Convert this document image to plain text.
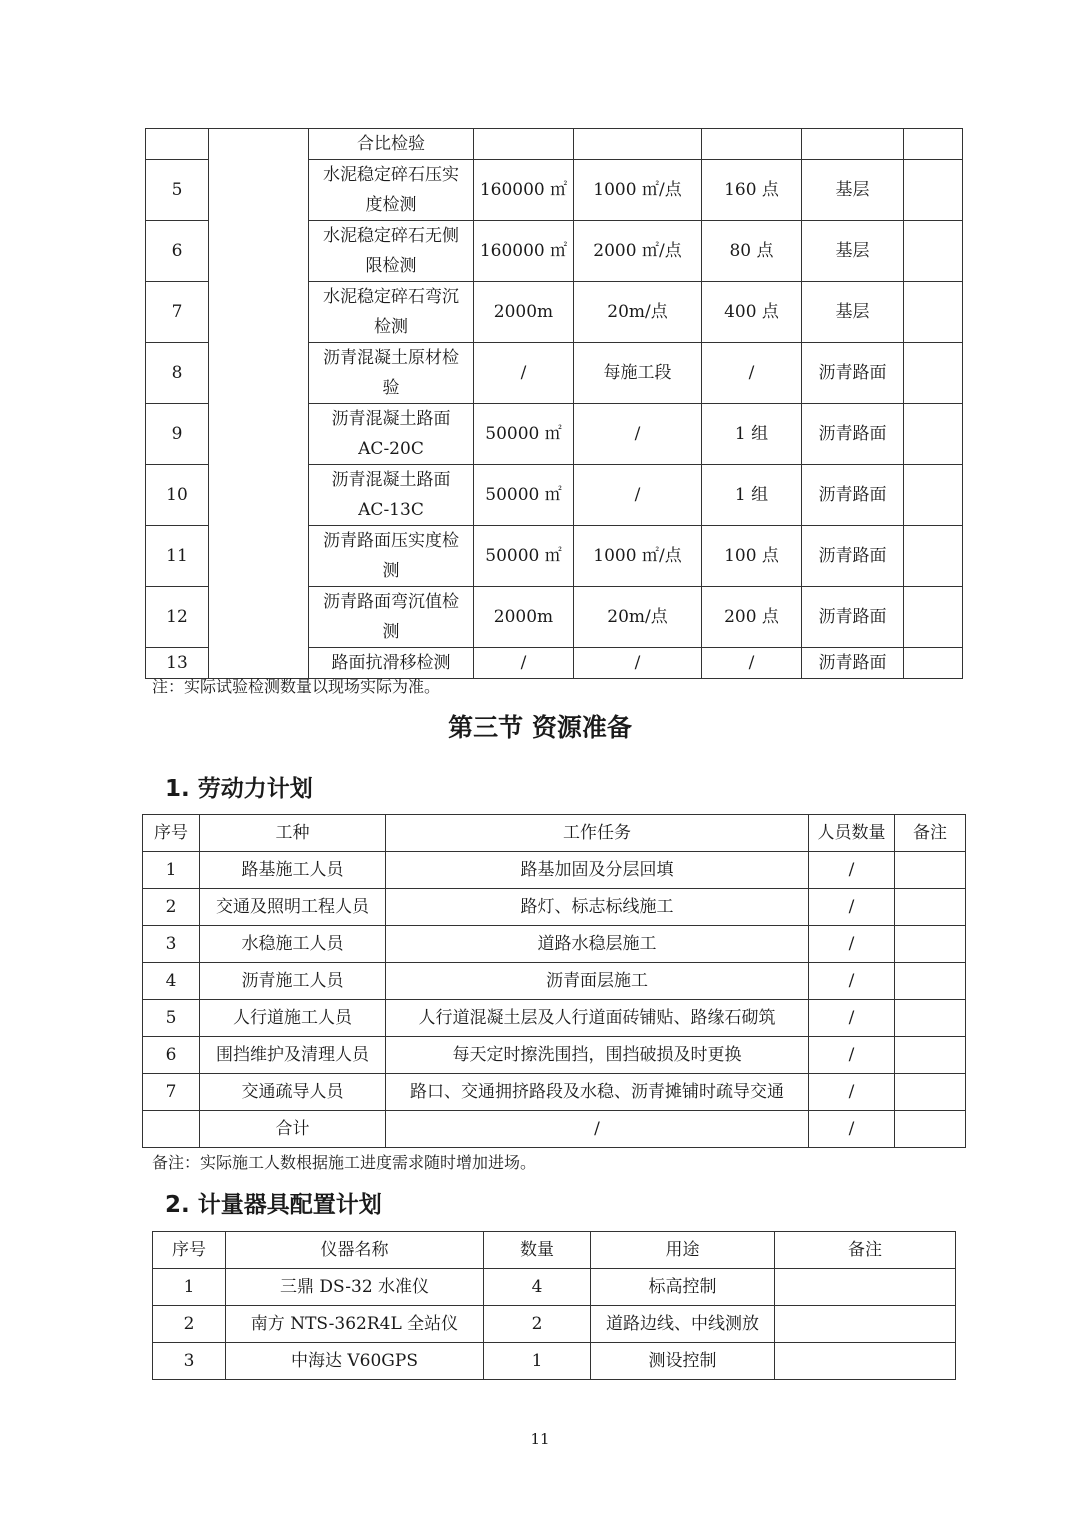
		合比检验					
5		水泥稳定碎石压实度检测	160000 ㎡	1000 ㎡/点	160 点	基层	
6		水泥稳定碎石无侧限检测	160000 ㎡	2000 ㎡/点	80 点	基层	
7		水泥稳定碎石弯沉检测	2000m	20m/点	400 点	基层	
8		沥青混凝土原材检验	/	每施工段	/	沥青路面	
9		沥青混凝土路面AC-20C	50000 ㎡	/	1 组	沥青路面	
10		沥青混凝土路面AC-13C	50000 ㎡	/	1 组	沥青路面	
11		沥青路面压实度检测	50000 ㎡	1000 ㎡/点	100 点	沥青路面	
12		沥青路面弯沉值检测	2000m	20m/点	200 点	沥青路面	
13		路面抗滑移检测	/	/	/	沥青路面	
注：实际试验检测数量以现场实际为准。
第三节 资源准备
1. 劳动力计划
序号	工种	工作任务	人员数量	备注
1	路基施工人员	路基加固及分层回填	/	
2	交通及照明工程人员	路灯、标志标线施工	/	
3	水稳施工人员	道路水稳层施工	/	
4	沥青施工人员	沥青面层施工	/	
5	人行道施工人员	人行道混凝土层及人行道面砖铺贴、路缘石砌筑	/	
6	围挡维护及清理人员	每天定时擦洗围挡，围挡破损及时更换	/	
7	交通疏导人员	路口、交通拥挤路段及水稳、沥青摊铺时疏导交通	/	
	合计	/	/	
备注：实际施工人数根据施工进度需求随时增加进场。
2. 计量器具配置计划
序号	仪器名称	数量	用途	备注
1	三鼎 DS-32 水准仪	4	标高控制	
2	南方 NTS-362R4L 全站仪	2	道路边线、中线测放	
3	中海达 V60GPS	1	测设控制	
11
